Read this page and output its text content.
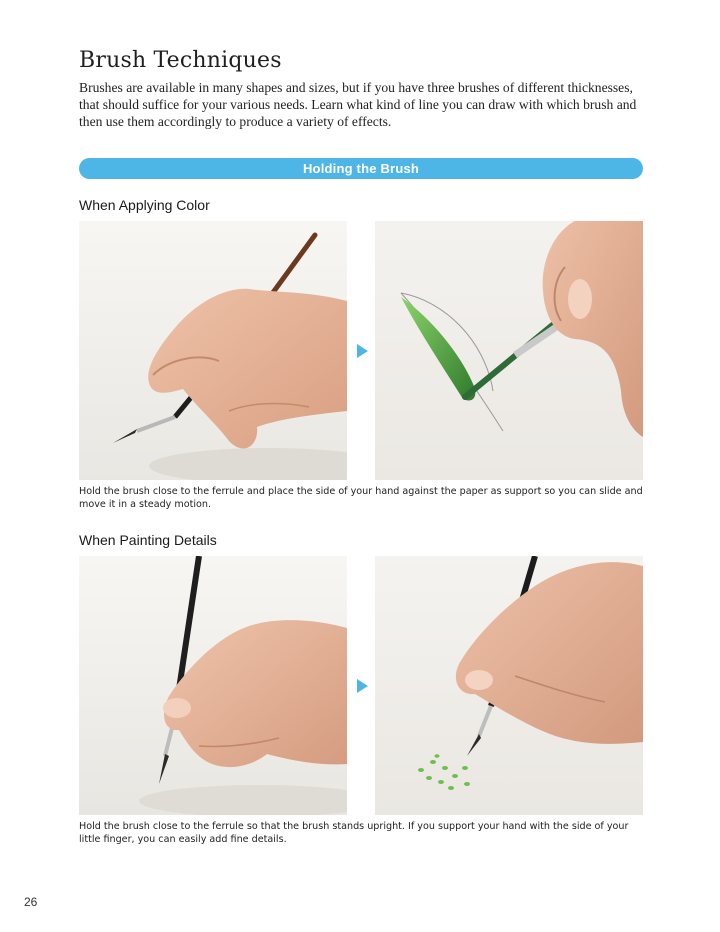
Brush Techniques

Brushes are available in many shapes and sizes, but if you have three brushes of different thicknesses, that should suffice for your various needs. Learn what kind of line you can draw with which brush and then use them accordingly to produce a variety of effects.

Holding the Brush
When Applying Color

Hold the brush close to the ferrule and place the side of your hand against the paper as support so you can slide and move it in a steady motion.

When Painting Details

Hold the brush close to the ferrule so that the brush stands upright. If you support your hand with the side of your little finger, you can easily add fine details.

26
